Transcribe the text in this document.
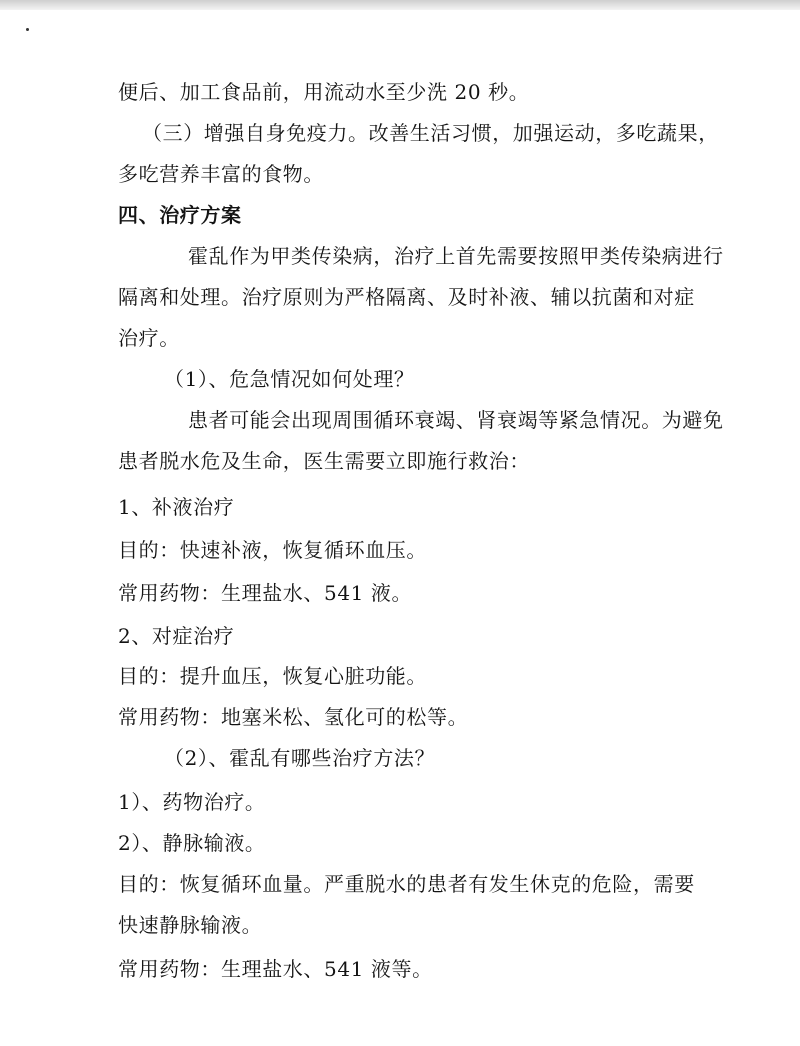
便后、加工食品前，用流动水至少洗 20 秒。
（三）增强自身免疫力。改善生活习惯，加强运动，多吃蔬果，
多吃营养丰富的食物。
四、治疗方案
霍乱作为甲类传染病，治疗上首先需要按照甲类传染病进行
隔离和处理。治疗原则为严格隔离、及时补液、辅以抗菌和对症
治疗。
（1）、危急情况如何处理？
患者可能会出现周围循环衰竭、肾衰竭等紧急情况。为避免
患者脱水危及生命，医生需要立即施行救治：
1、补液治疗
目的：快速补液，恢复循环血压。
常用药物：生理盐水、541 液。
2、对症治疗
目的：提升血压，恢复心脏功能。
常用药物：地塞米松、氢化可的松等。
（2）、霍乱有哪些治疗方法？
1）、药物治疗。
2）、静脉输液。
目的：恢复循环血量。严重脱水的患者有发生休克的危险，需要
快速静脉输液。
常用药物：生理盐水、541 液等。
